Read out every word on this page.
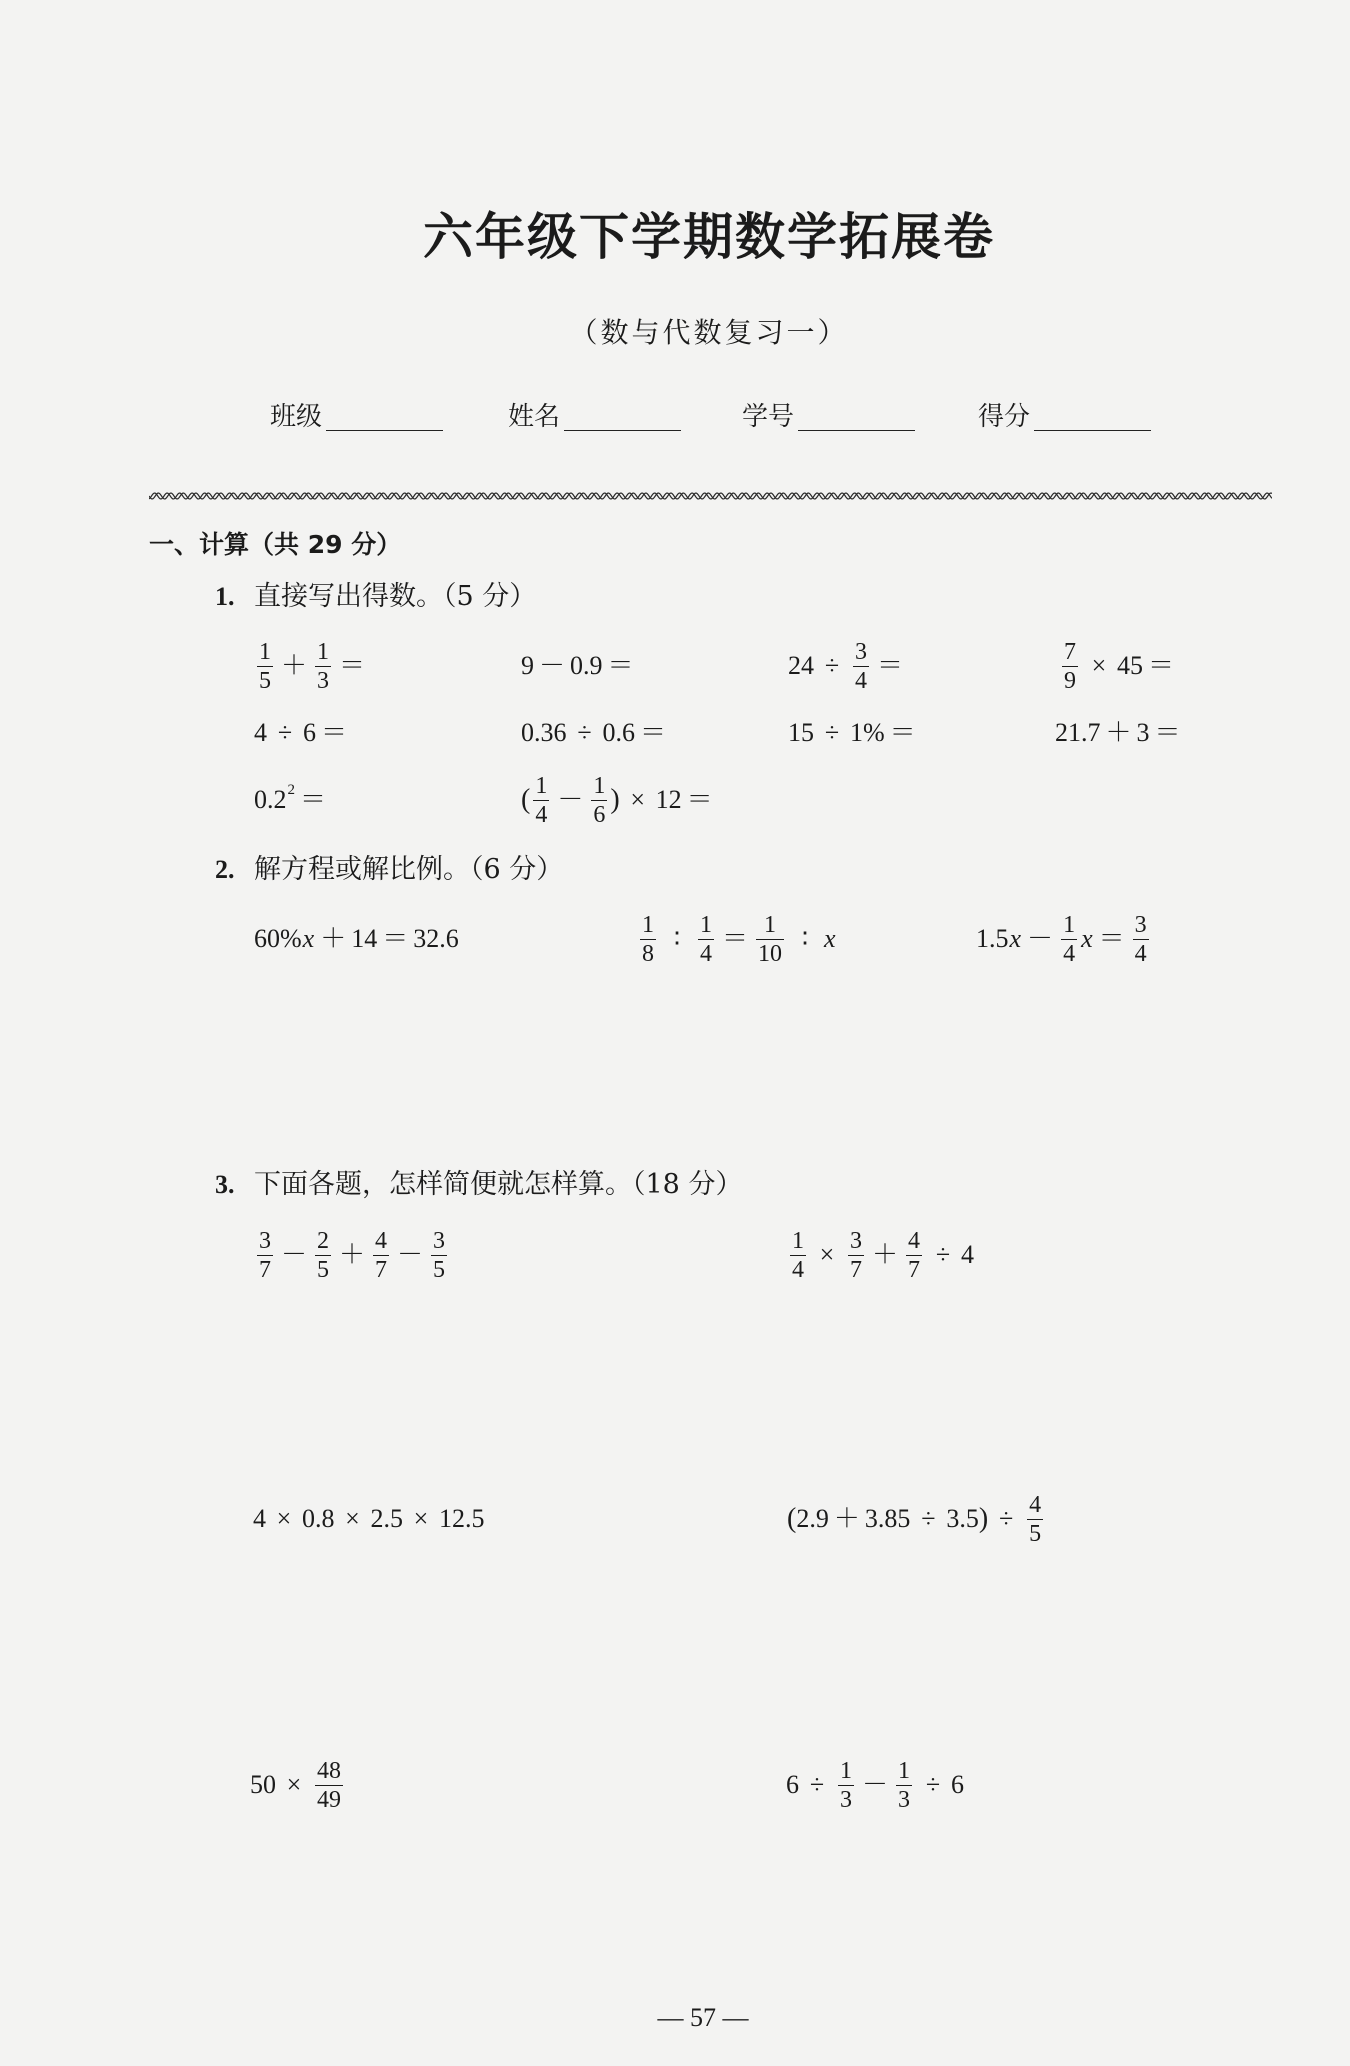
六年级下学期数学拓展卷
（数与代数复习一）
班级	姓名	学号	得分
一、计算（共 29 分）
1. 直接写出得数。（5 分）
$\frac{1}{5} + \frac{1}{3}$ ＝	9 － 0.9 ＝	$24 \div \frac{3}{4}$ ＝	$\frac{7}{9} \times 45$ ＝
4 ÷ 6 ＝	0.36 ÷ 0.6 ＝	15 ÷ 1% ＝	21.7 ＋ 3 ＝
0.2 2 ＝	( $\frac{1}{4} - \frac{1}{6}$ ) × 12 ＝
2. 解方程或解比例。（6 分）
60% x ＋ 14 ＝ 32.6	$\frac{1}{8}$ ∶ $\frac{1}{4} = \frac{1}{10}$ ∶ x	1.5 $x - \frac{1}{4}$ $x = \frac{3}{4}$
3. 下面各题，怎样简便就怎样算。（18 分）
$\frac{3}{7} - \frac{2}{5} + \frac{4}{7} - \frac{3}{5}$	$\frac{1}{4} \times \frac{3}{7} + \frac{4}{7} \div 4$
4 × 0.8 × 2.5 × 12.5	( 2.9 ＋ 3.85 ÷ 3.5 ) ÷ $\frac{4}{5}$
$50 \times \frac{48}{49}$	$6 \div \frac{1}{3} - \frac{1}{3} \div 6$
— 57 —
